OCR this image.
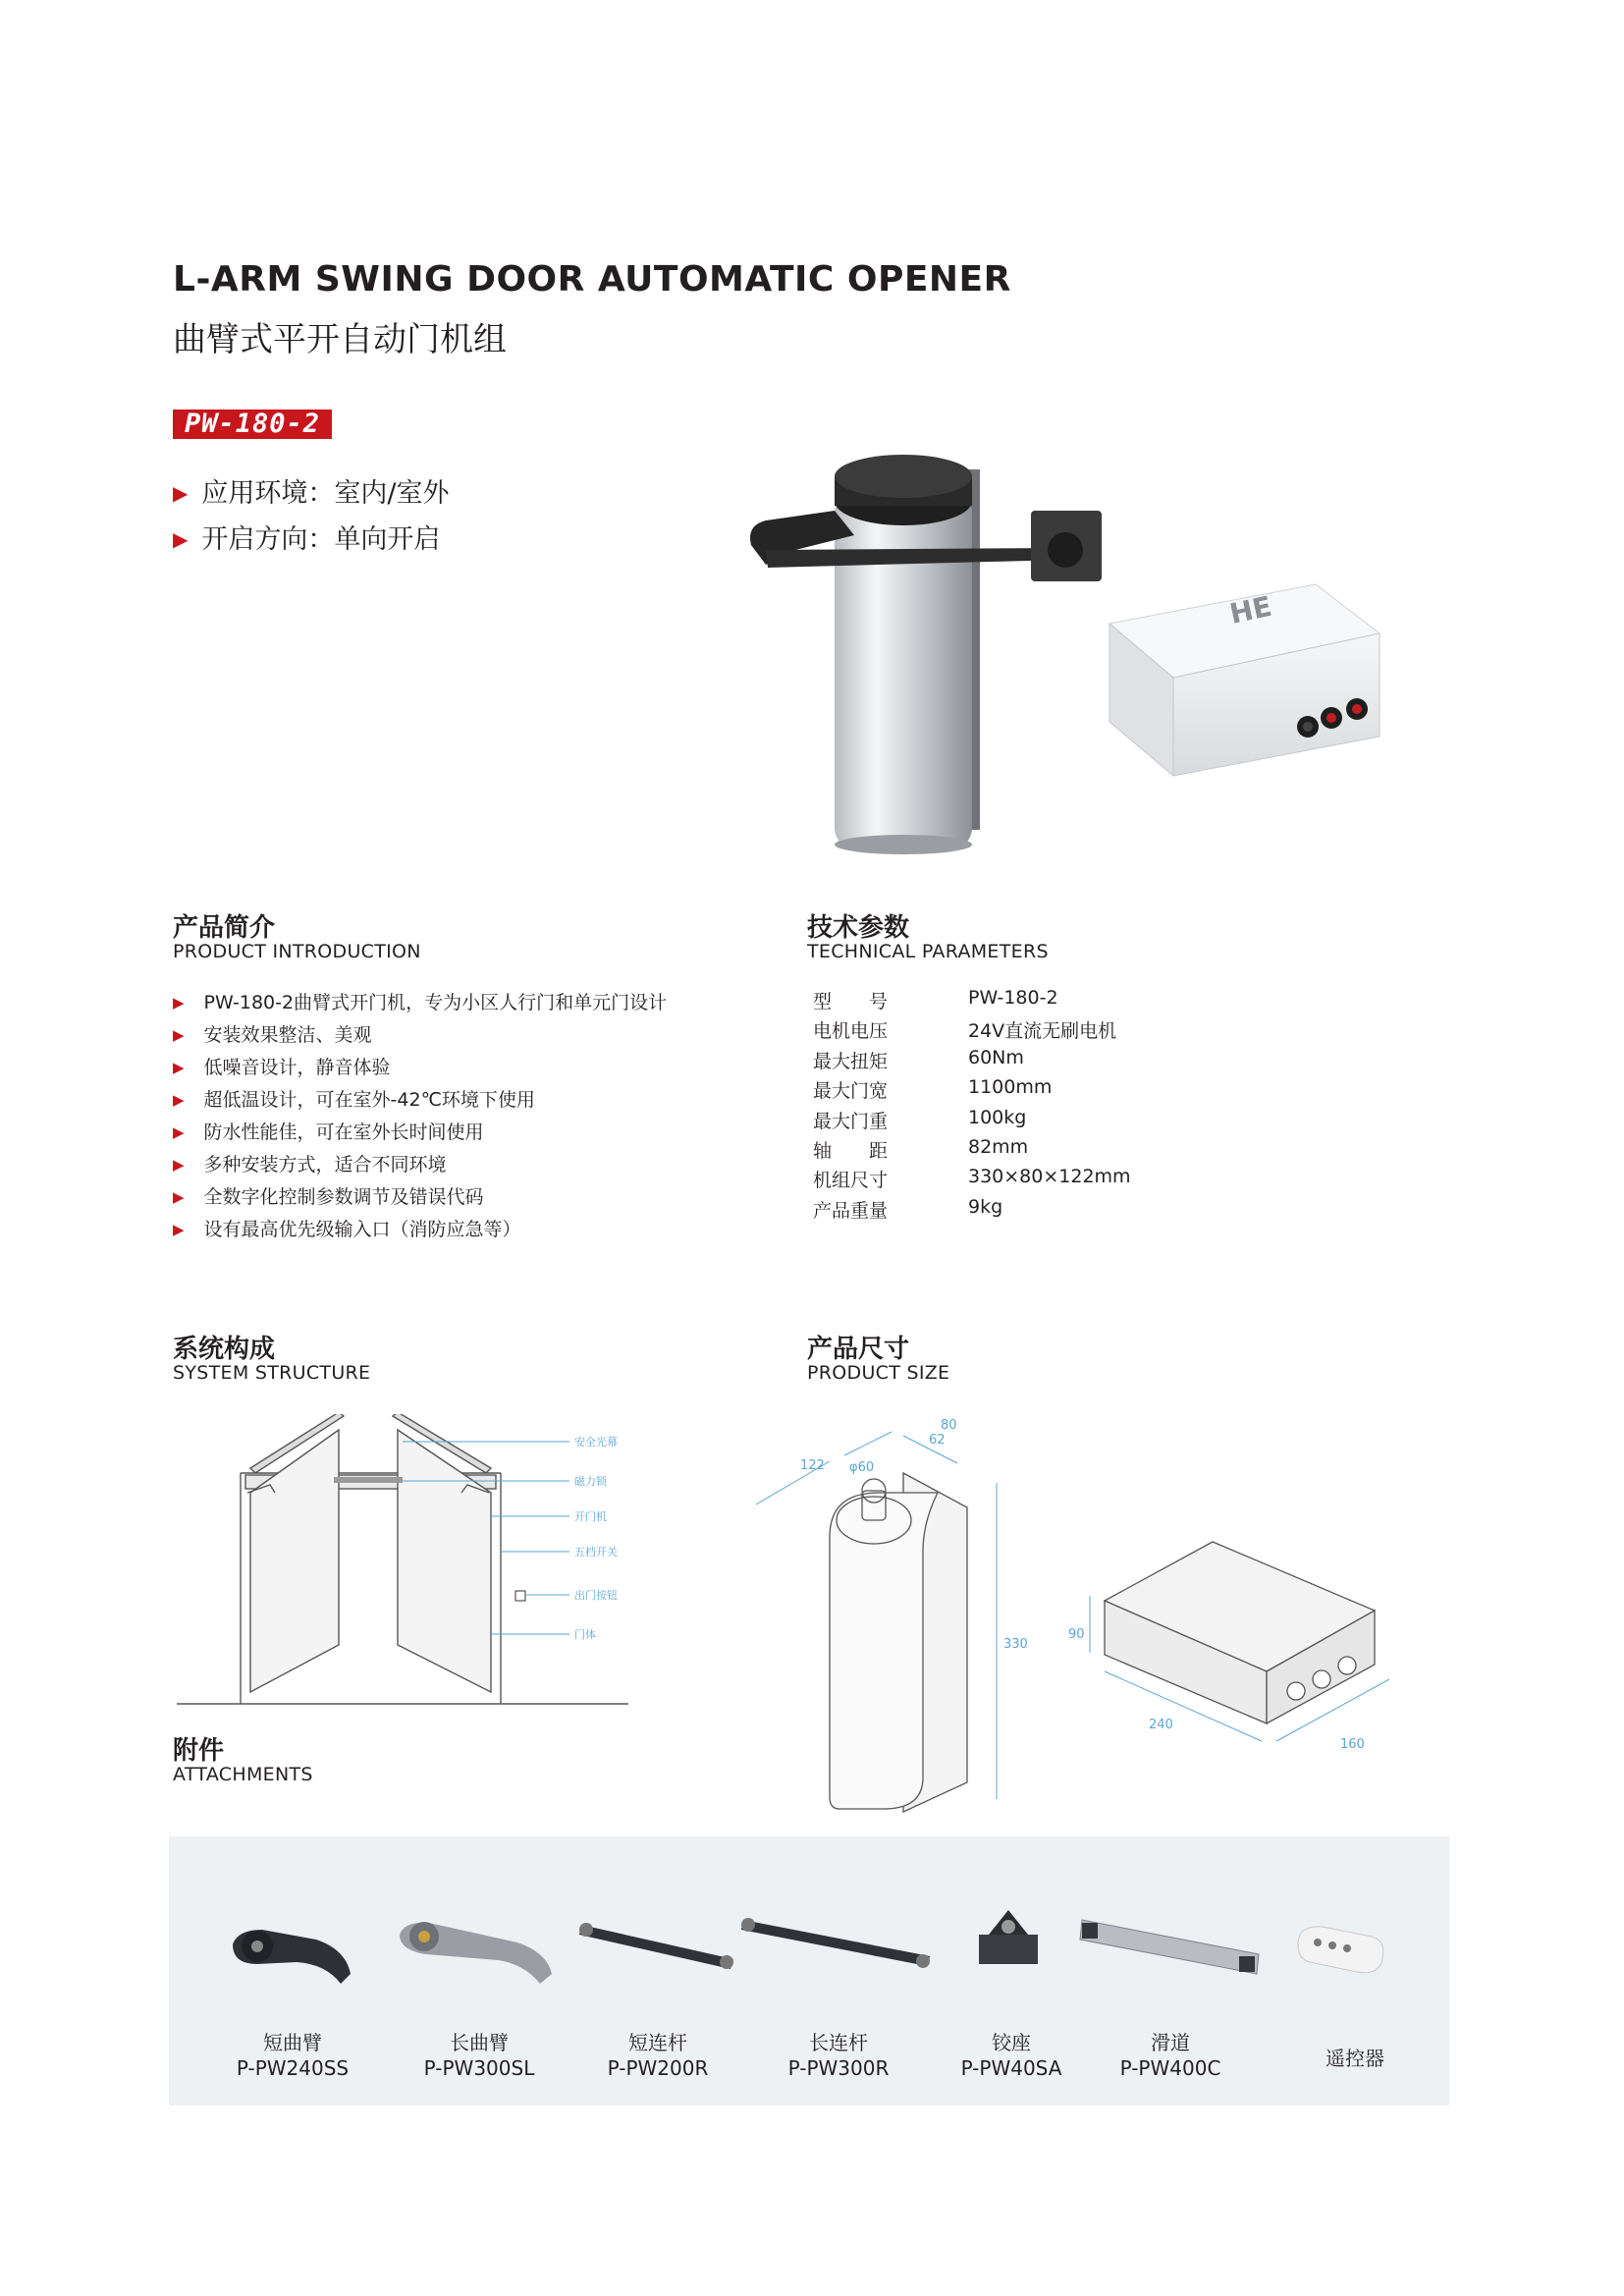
L-ARM SWING DOOR AUTOMATIC OPENER
曲臂式平开自动门机组
PW-180-2
▶ 应用环境：室内/室外
▶ 开启方向：单向开启
HE
产品简介
PRODUCT INTRODUCTION
▶ PW-180-2曲臂式开门机，专为小区人行门和单元门设计
▶ 安装效果整洁、美观
▶ 低噪音设计，静音体验
▶ 超低温设计，可在室外-42℃环境下使用
▶ 防水性能佳，可在室外长时间使用
▶ 多种安装方式，适合不同环境
▶ 全数字化控制参数调节及错误代码
▶ 设有最高优先级输入口（消防应急等）
技术参数
TECHNICAL PARAMETERS
型　　号	PW-180-2
电机电压	24V直流无刷电机
最大扭矩	60Nm
最大门宽	1100mm
最大门重	100kg
轴　　距	82mm
机组尺寸	330×80×122mm
产品重量	9kg
系统构成
SYSTEM STRUCTURE
安全光幕
磁力锁
开门机
五档开关
出门按钮
门体
产品尺寸
PRODUCT SIZE
80
62
122 φ60
330
90
240
160
附件
ATTACHMENTS
短曲臂
P-PW240SS
长曲臂
P-PW300SL
短连杆
P-PW200R
长连杆
P-PW300R
铰座
P-PW40SA
滑道
P-PW400C	遥控器
